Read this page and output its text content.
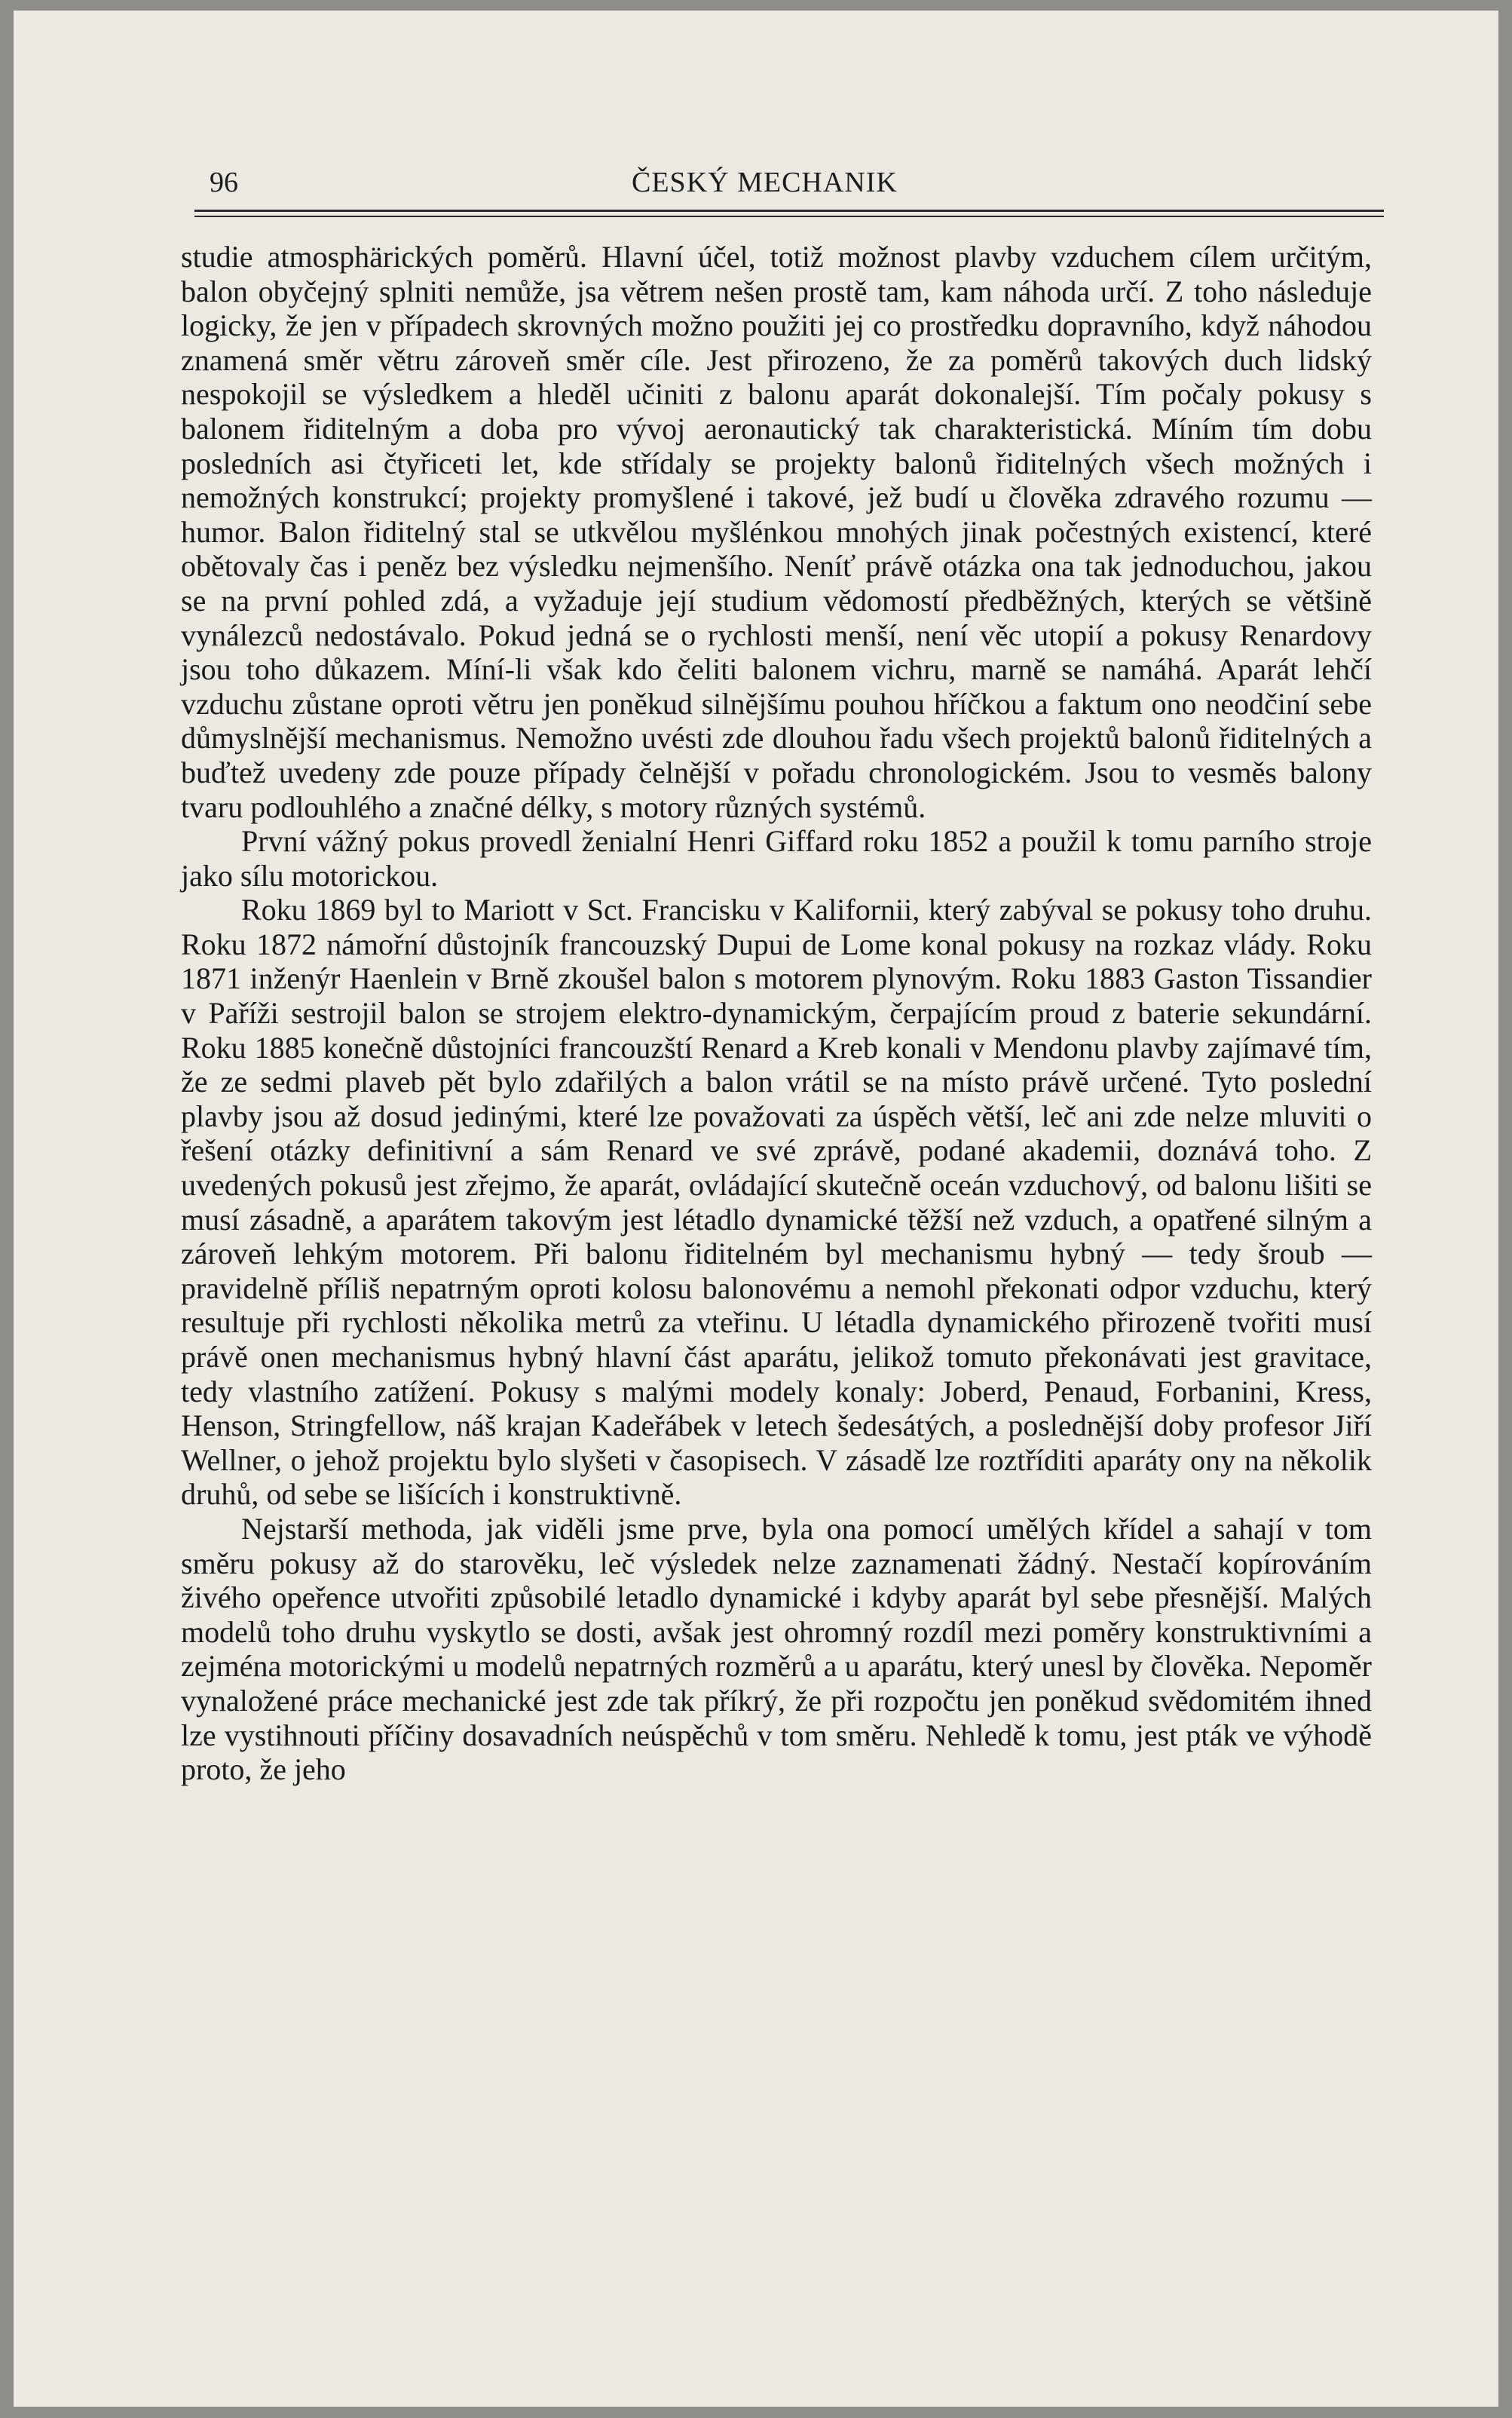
96	ČESKÝ MECHANIK

studie atmosphärických poměrů. Hlavní účel, totiž možnost plavby vzduchem cílem určitým, balon obyčejný splniti nemůže, jsa větrem nešen prostě tam, kam náhoda určí. Z toho následuje logicky, že jen v případech skrovných možno použiti jej co prostředku dopravního, když náhodou znamená směr větru zároveň směr cíle. Jest přirozeno, že za poměrů takových duch lidský nespokojil se výsledkem a hleděl učiniti z balonu aparát dokonalejší. Tím počaly pokusy s balonem řiditelným a doba pro vývoj aeronautický tak charakteristická. Míním tím dobu posledních asi čtyřiceti let, kde střídaly se projekty balonů řiditelných všech možných i nemožných konstrukcí; projekty promyšlené i takové, jež budí u člověka zdravého rozumu — humor. Balon řiditelný stal se utkvělou myšlénkou mnohých jinak počestných existencí, které obětovaly čas i peněz bez výsledku nejmenšího. Neníť právě otázka ona tak jednoduchou, jakou se na první pohled zdá, a vyžaduje její studium vědomostí předběžných, kterých se většině vynálezců nedostávalo. Pokud jedná se o rychlosti menší, není věc utopií a pokusy Renardovy jsou toho důkazem. Míní-li však kdo čeliti balonem vichru, marně se namáhá. Aparát lehčí vzduchu zůstane oproti větru jen poněkud silnějšímu pouhou hříčkou a faktum ono neodčiní sebe důmyslnější mechanismus. Nemožno uvésti zde dlouhou řadu všech projektů balonů řiditelných a buďtež uvedeny zde pouze případy čelnější v pořadu chronologickém. Jsou to vesměs balony tvaru podlouhlého a značné délky, s motory různých systémů.

První vážný pokus provedl ženialní Henri Giffard roku 1852 a použil k tomu parního stroje jako sílu motorickou.

Roku 1869 byl to Mariott v Sct. Francisku v Kalifornii, který zabýval se pokusy toho druhu. Roku 1872 námořní důstojník francouzský Dupui de Lome konal pokusy na rozkaz vlády. Roku 1871 inženýr Haenlein v Brně zkoušel balon s motorem plynovým. Roku 1883 Gaston Tissandier v Paříži sestrojil balon se strojem elektro-dynamickým, čerpajícím proud z baterie sekundární. Roku 1885 konečně důstojníci francouzští Renard a Kreb konali v Mendonu plavby zajímavé tím, že ze sedmi plaveb pět bylo zdařilých a balon vrátil se na místo právě určené. Tyto poslední plavby jsou až dosud jedinými, které lze považovati za úspěch větší, leč ani zde nelze mluviti o řešení otázky definitivní a sám Renard ve své zprávě, podané akademii, doznává toho. Z uvedených pokusů jest zřejmo, že aparát, ovládající skutečně oceán vzduchový, od balonu lišiti se musí zásadně, a aparátem takovým jest létadlo dynamické těžší než vzduch, a opatřené silným a zároveň lehkým motorem. Při balonu řiditelném byl mechanismu hybný — tedy šroub — pravidelně příliš nepatrným oproti kolosu balonovému a nemohl překonati odpor vzduchu, který resultuje při rychlosti několika metrů za vteřinu. U létadla dynamického přirozeně tvořiti musí právě onen mechanismus hybný hlavní část aparátu, jelikož tomuto překonávati jest gravitace, tedy vlastního zatížení. Pokusy s malými modely konaly: Joberd, Penaud, Forbanini, Kress, Henson, Stringfellow, náš krajan Kadeřábek v letech šedesátých, a poslednější doby profesor Jiří Wellner, o jehož projektu bylo slyšeti v časopisech. V zásadě lze roztříditi aparáty ony na několik druhů, od sebe se lišících i konstruktivně.

Nejstarší methoda, jak viděli jsme prve, byla ona pomocí umělých křídel a sahají v tom směru pokusy až do starověku, leč výsledek nelze zaznamenati žádný. Nestačí kopírováním živého opeřence utvořiti způsobilé letadlo dynamické i kdyby aparát byl sebe přesnější. Malých modelů toho druhu vyskytlo se dosti, avšak jest ohromný rozdíl mezi poměry konstruktivními a zejména motorickými u modelů nepatrných rozměrů a u aparátu, který unesl by člověka. Nepoměr vynaložené práce mechanické jest zde tak příkrý, že při rozpočtu jen poněkud svědomitém ihned lze vystihnouti příčiny dosavadních neúspěchů v tom směru. Nehledě k tomu, jest pták ve výhodě proto, že jeho
